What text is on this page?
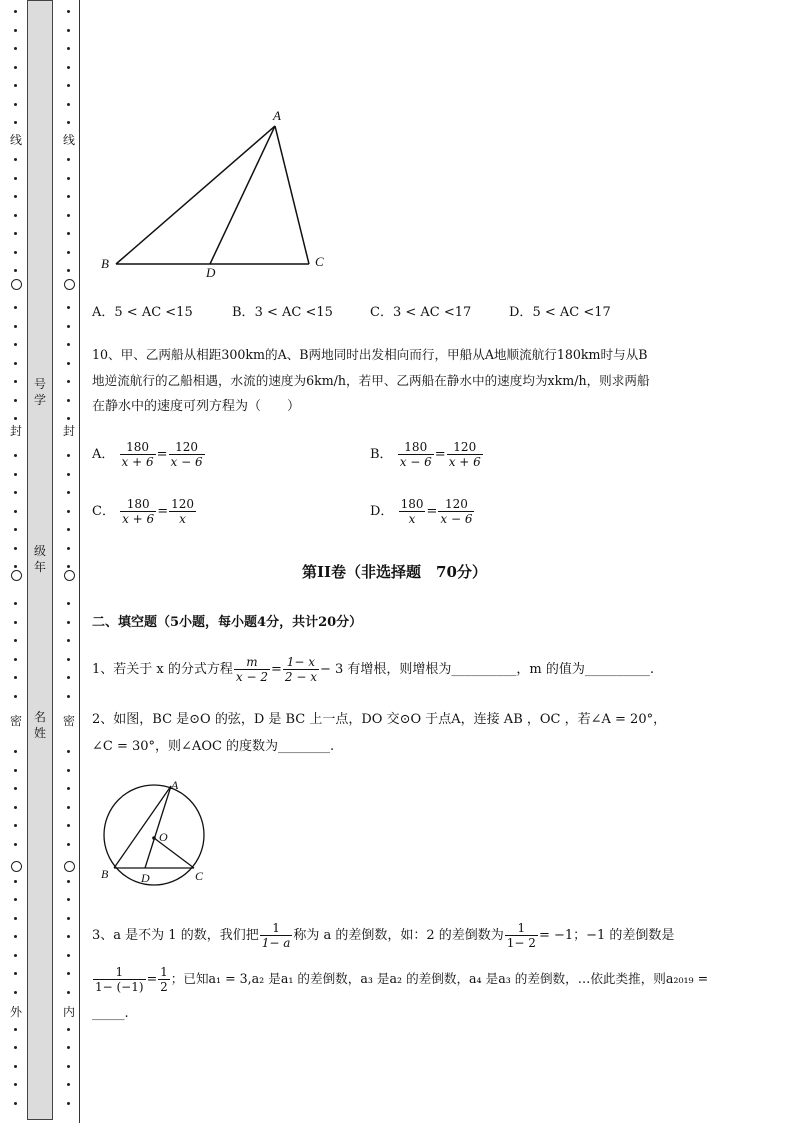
线
封
密
外
线
封
密
内
号学
级年
名姓
A
B	C
D
A．5 < AC <15	B．3 < AC <15	C．3 < AC <17	D．5 < AC <17
10、甲、乙两船从相距300km的A、B两地同时出发相向而行，甲船从A地顺流航行180km时与从B
地逆流航行的乙船相遇，水流的速度为6km/h，若甲、乙两船在静水中的速度均为xkm/h，则求两船
在静水中的速度可列方程为（　　）
A． $\frac{180}{x + 6} = \frac{120}{x - 6}$	B． $\frac{180}{x - 6} = \frac{120}{x + 6}$
C． $\frac{180}{x + 6} = \frac{120}{x}$	D． $\frac{180}{x} = \frac{120}{x - 6}$
第II卷（非选择题　70分）
二、填空题（5小题，每小题4分，共计20分）
1、若关于 x 的分式方程 $\frac{m}{x - 2} = \frac{1- x}{2 - x} - 3$ 有增根，则增根为__________，m 的值为__________.
2、如图，BC 是⊙O 的弦，D 是 BC 上一点，DO 交⊙O 于点A，连接 AB ，OC ，若∠A = 20°，
∠C = 30°，则∠AOC 的度数为________.
A
O
B	D	C
3、a 是不为 1 的数，我们把 $\frac{1}{1- a}$ 称为 a 的差倒数，如：2 的差倒数为 $\frac{1}{1- 2} = -1$；−1 的差倒数是
$\frac{1}{1- (-1)} = \frac{1}{2}$ ；已知a₁ = 3,a₂ 是a₁ 的差倒数，a₃ 是a₂ 的差倒数，a₄ 是a₃ 的差倒数，…依此类推，则a₂₀₁₉ =
_____.
